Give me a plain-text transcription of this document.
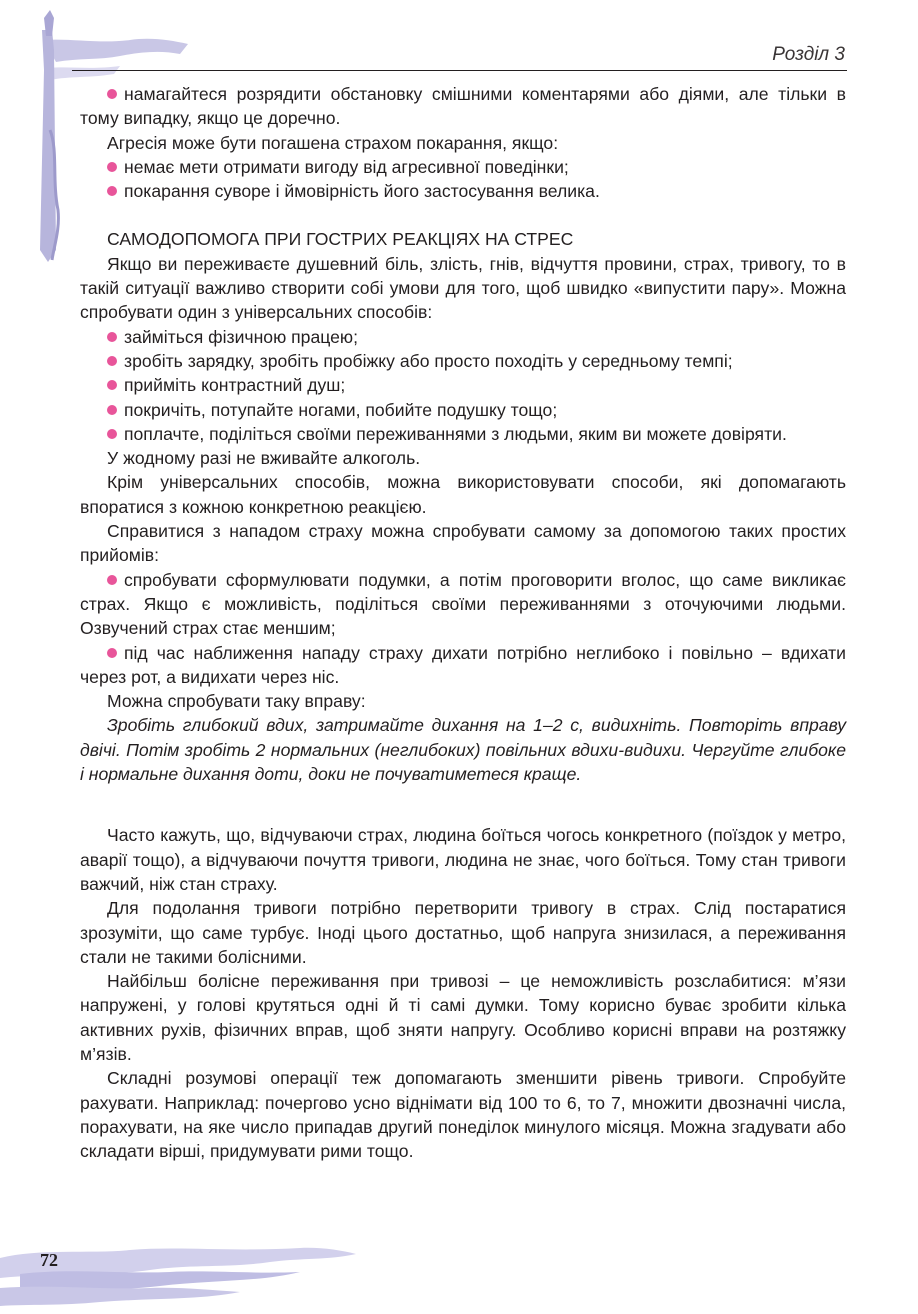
Розділ 3

намагайтеся розрядити обстановку смішними коментарями або діями, але тільки в тому випадку, якщо це доречно.

Агресія може бути погашена страхом покарання, якщо:

немає мети отримати вигоду від агресивної поведінки;

покарання суворе і ймовірність його застосування велика.

САМОДОПОМОГА ПРИ ГОСТРИХ РЕАКЦІЯХ НА СТРЕС

Якщо ви переживаєте душевний біль, злість, гнів, відчуття провини, страх, тривогу, то в такій ситуації важливо створити собі умови для того, щоб швидко «випустити пару». Можна спробувати один з універсальних способів:

займіться фізичною працею;

зробіть зарядку, зробіть пробіжку або просто походіть у середньому темпі;

прийміть контрастний душ;

покричіть, потупайте ногами, побийте подушку тощо;

поплачте, поділіться своїми переживаннями з людьми, яким ви можете довіряти.

У жодному разі не вживайте алкоголь.

Крім універсальних способів, можна використовувати способи, які допомагають впоратися з кожною конкретною реакцією.

Справитися з нападом страху можна спробувати самому за допомогою таких простих прийомів:

спробувати сформулювати подумки, а потім проговорити вголос, що саме викликає страх. Якщо є можливість, поділіться своїми переживаннями з оточуючими людьми. Озвучений страх стає меншим;

під час наближення нападу страху дихати потрібно неглибоко і повільно – вдихати через рот, а видихати через ніс.

Можна спробувати таку вправу:

Зробіть глибокий вдих, затримайте дихання на 1–2 с, видихніть. Повторіть вправу двічі. Потім зробіть 2 нормальних (неглибоких) повільних вдихи-видихи. Чергуйте глибоке і нормальне дихання доти, доки не почуватиметеся краще.

Часто кажуть, що, відчуваючи страх, людина боїться чогось конкретного (поїздок у метро, аварії тощо), а відчуваючи почуття тривоги, людина не знає, чого боїться. Тому стан тривоги важчий, ніж стан страху.

Для подолання тривоги потрібно перетворити тривогу в страх. Слід постаратися зрозуміти, що саме турбує. Іноді цього достатньо, щоб напруга знизилася, а переживання стали не такими болісними.

Найбільш болісне переживання при тривозі – це неможливість розслабитися: м’язи напружені, у голові крутяться одні й ті самі думки. Тому корисно буває зробити кілька активних рухів, фізичних вправ, щоб зняти напругу. Особливо корисні вправи на розтяжку м’язів.

Складні розумові операції теж допомагають зменшити рівень тривоги. Спробуйте рахувати. Наприклад: почергово усно віднімати від 100 то 6, то 7, множити двозначні числа, порахувати, на яке число припадав другий понеділок минулого місяця. Можна згадувати або складати вірші, придумувати рими тощо.

72
